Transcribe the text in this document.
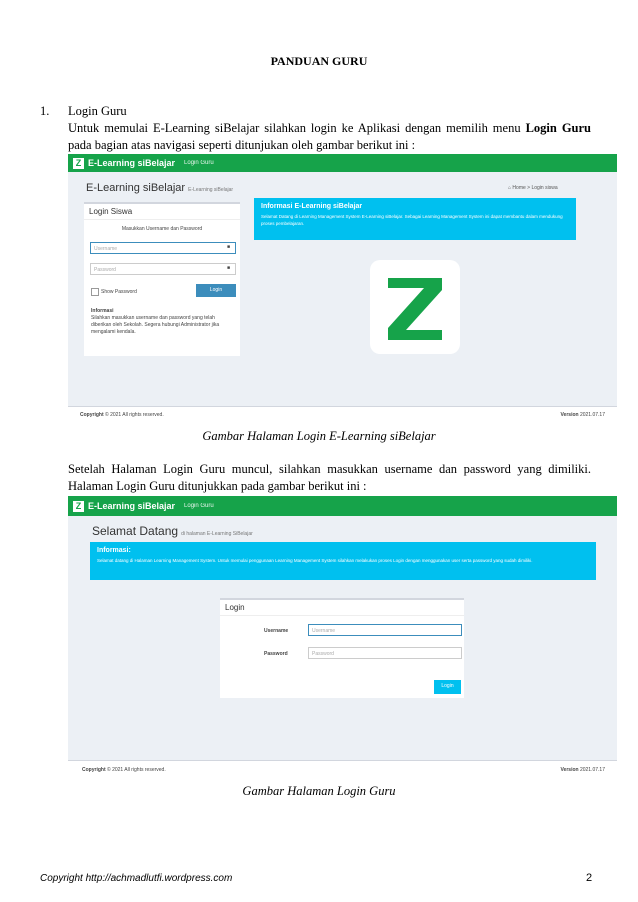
PANDUAN GURU
1. Login Guru
Untuk memulai E-Learning siBelajar silahkan login ke Aplikasi dengan memilih menu Login Guru pada bagian atas navigasi seperti ditunjukan oleh gambar berikut ini :
Z E-Learning siBelajar Login Guru
E-Learning siBelajar E-Learning siBelajar	⌂ Home > Login siswa
Login Siswa
Masukkan Username dan Password
Username	■
Password	■
Show Password	Login
Informasi
Silahkan masukkan username dan password yang telah diberikan oleh Sekolah. Segera hubungi Administrator jika mengalami kendala.
Informasi E-Learning siBelajar

Selamat Datang di Learning Management System E-Learning siBelajar. Sebagai Learning Management System ini dapat membantu dalam mendukung proses pembelajaran.

Copyright © 2021 All rights reserved.	Version 2021.07.17
Gambar Halaman Login E-Learning siBelajar
Setelah Halaman Login Guru muncul, silahkan masukkan username dan password yang dimiliki. Halaman Login Guru ditunjukkan pada gambar berikut ini :
Z E-Learning siBelajar Login Guru
Selamat Datang di halaman E-Learning SiBelajar
Informasi:

Selamat datang di Halaman Learning Management System. Untuk memulai penggunaan Learning Management System silahkan melakukan proses Login dengan menggunakan user serta password yang sudah dimiliki.

Login
Username	Username
Password	Password
Login
Copyright © 2021 All rights reserved.	Version 2021.07.17
Gambar Halaman Login Guru
Copyright http://achmadlutfi.wordpress.com	2
